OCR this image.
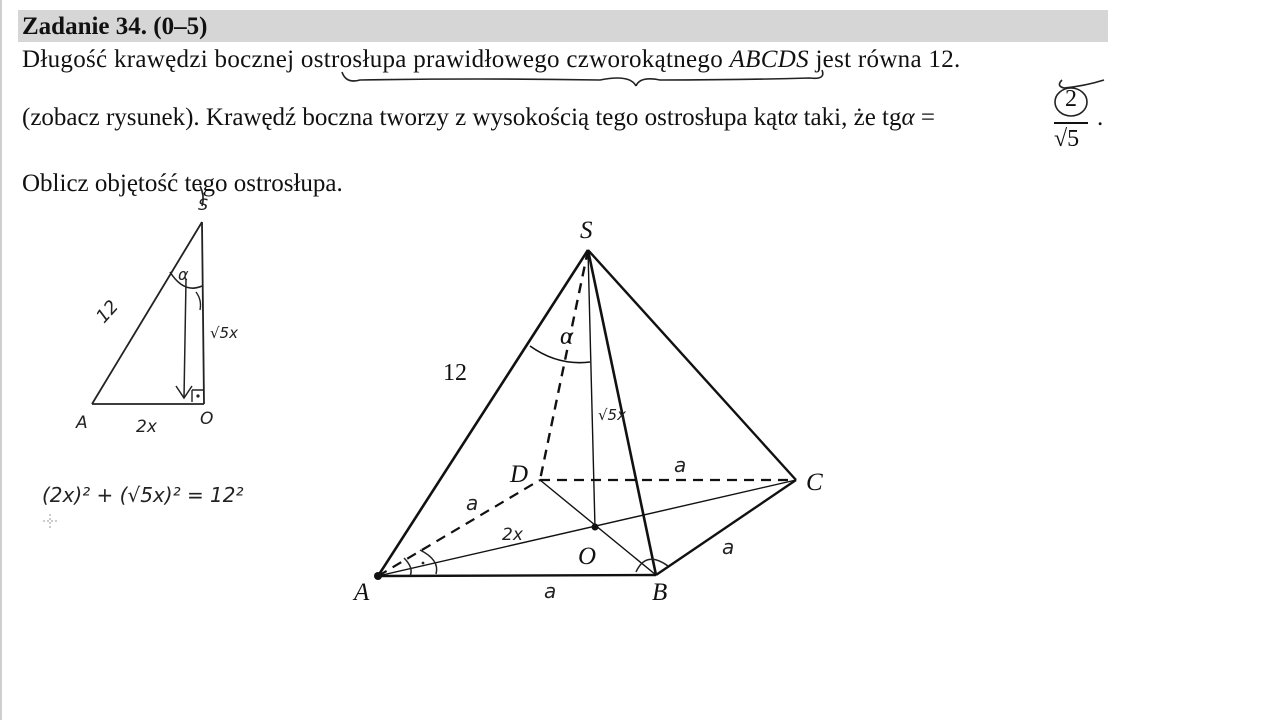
Zadanie 34. (0–5)
Długość krawędzi bocznej ostrosłupa prawidłowego czworokątnego ABCDS jest równa 12.
(zobacz rysunek). Krawędź boczna tworzy z wysokością tego ostrosłupa kątα taki, że tgα =
2
√5
.
Oblicz objętość tego ostrosłupa.
S
12
α
√5x
A	O
2x
(2x)² + (√5x)² = 12²
S
A	B
C
D
O
12
α
√5x
a
a
a
a
2x
